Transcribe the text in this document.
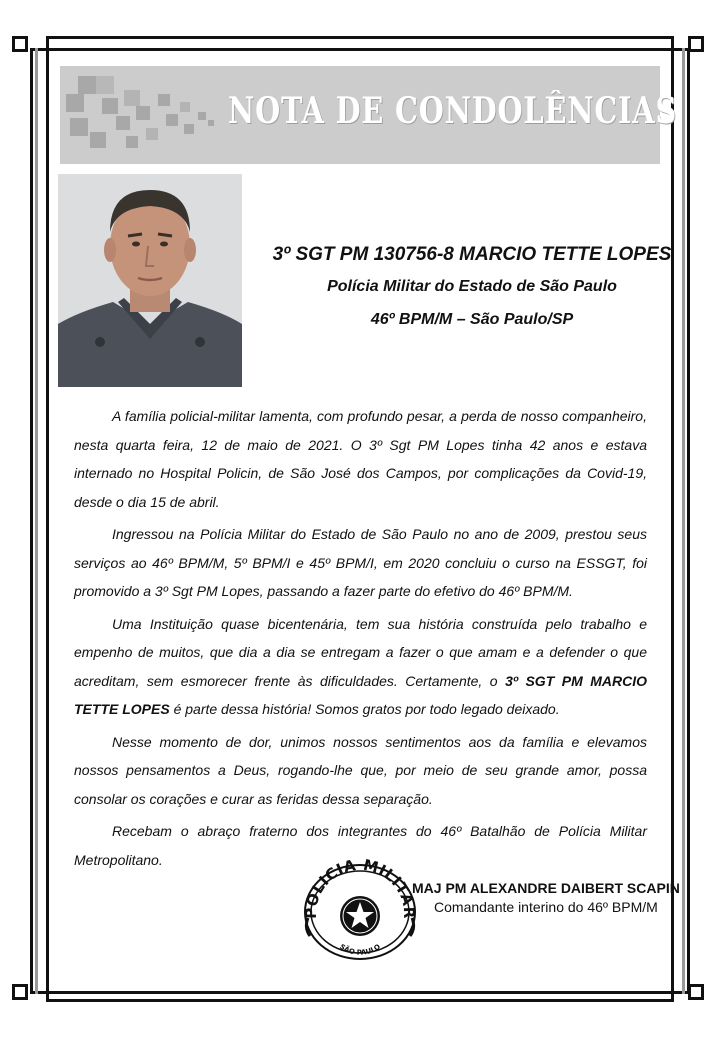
NOTA DE CONDOLÊNCIAS
3º SGT PM 130756-8 MARCIO TETTE LOPES
Polícia Militar do Estado de São Paulo
46º BPM/M – São Paulo/SP

A família policial-militar lamenta, com profundo pesar, a perda de nosso companheiro, nesta quarta feira, 12 de maio de 2021. O 3º Sgt PM Lopes tinha 42 anos e estava internado no Hospital Policin, de São José dos Campos, por complicações da Covid-19, desde o dia 15 de abril.

Ingressou na Polícia Militar do Estado de São Paulo no ano de 2009, prestou seus serviços ao 46º BPM/M, 5º BPM/I e 45º BPM/I, em 2020 concluiu o curso na ESSGT, foi promovido a 3º Sgt PM Lopes, passando a fazer parte do efetivo do 46º BPM/M.

Uma Instituição quase bicentenária, tem sua história construída pelo trabalho e empenho de muitos, que dia a dia se entregam a fazer o que amam e a defender o que acreditam, sem esmorecer frente às dificuldades. Certamente, o 3º SGT PM MARCIO TETTE LOPES é parte dessa história! Somos gratos por todo legado deixado.

Nesse momento de dor, unimos nossos sentimentos aos da família e elevamos nossos pensamentos a Deus, rogando-lhe que, por meio de seu grande amor, possa consolar os corações e curar as feridas dessa separação.

Recebam o abraço fraterno dos integrantes do 46º Batalhão de Polícia Militar Metropolitano.

POLICIA MILITAR
SÃO PAULO
MAJ PM ALEXANDRE DAIBERT SCAPIN
Comandante interino do 46º BPM/M
